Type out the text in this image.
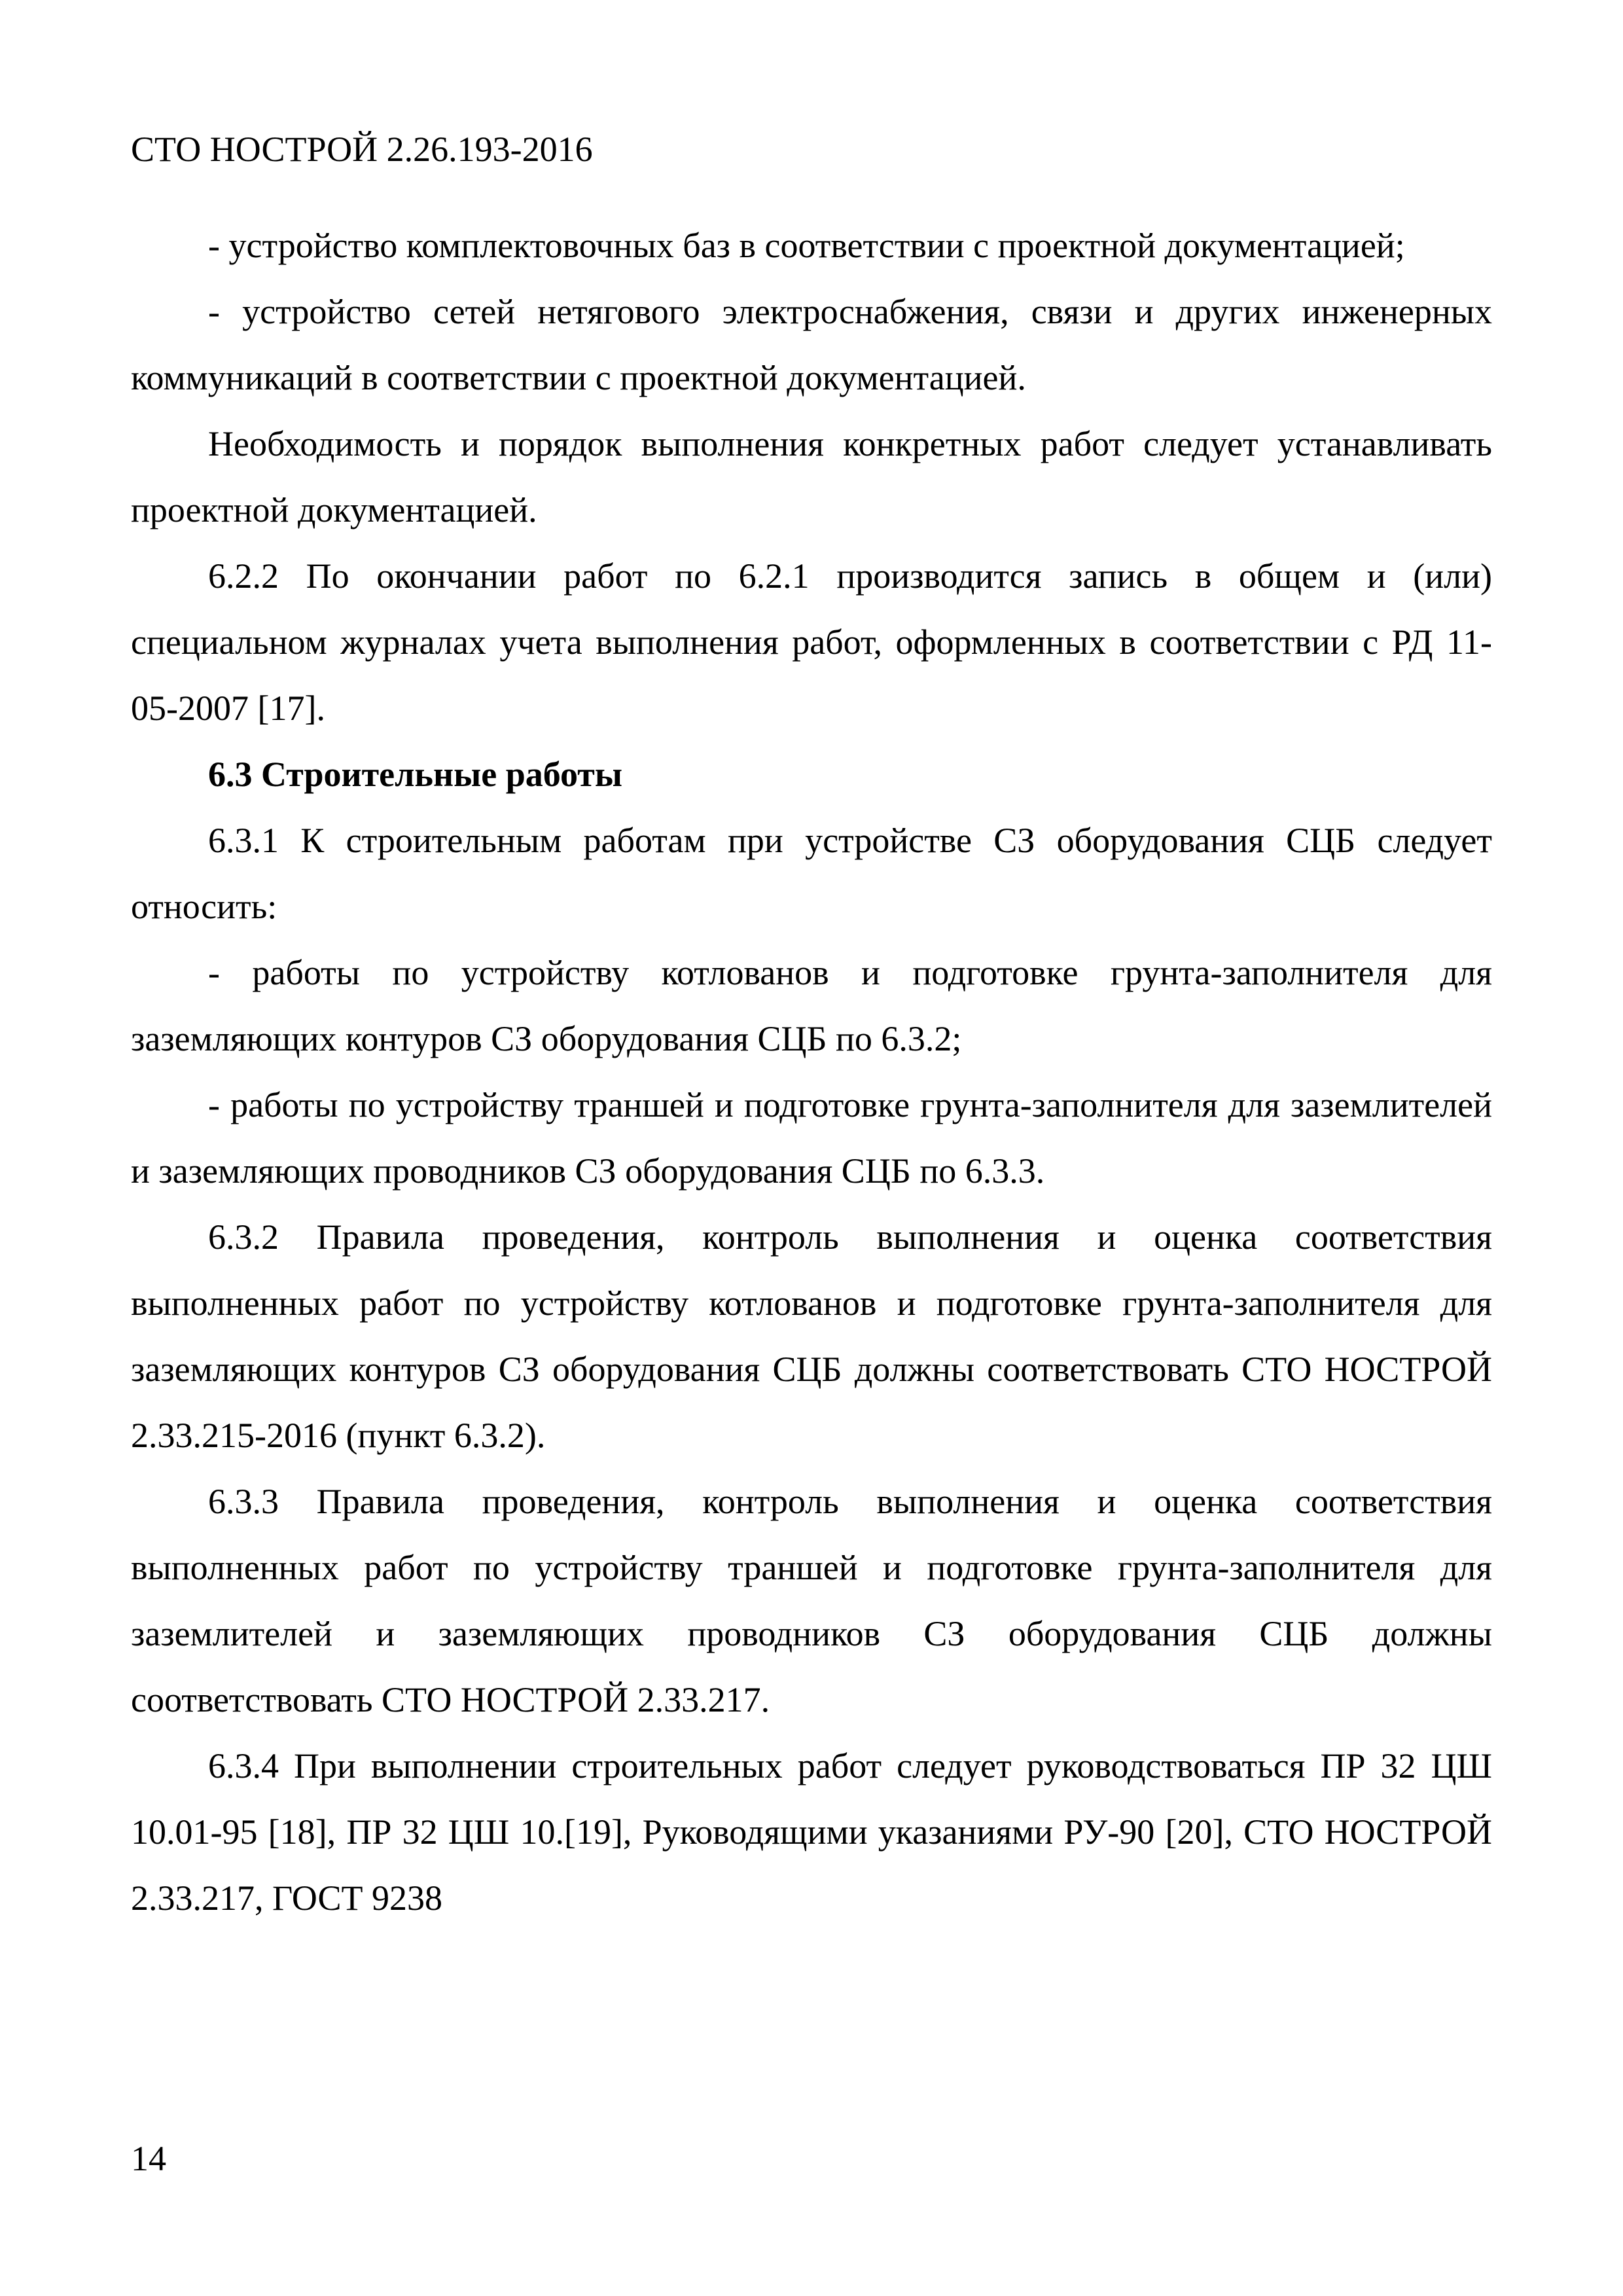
СТО НОСТРОЙ 2.26.193-2016

- устройство комплектовочных баз в соответствии с проектной документацией;

- устройство сетей нетягового электроснабжения, связи и других инженерных коммуникаций в соответствии с проектной документацией.

Необходимость и порядок выполнения конкретных работ следует устанавливать проектной документацией.

6.2.2 По окончании работ по 6.2.1 производится запись в общем и (или) специальном журналах учета выполнения работ, оформленных в соответствии с РД 11-05-2007 [17].

6.3 Строительные работы

6.3.1 К строительным работам при устройстве СЗ оборудования СЦБ следует относить:

- работы по устройству котлованов и подготовке грунта-заполнителя для заземляющих контуров СЗ оборудования СЦБ по 6.3.2;

- работы по устройству траншей и подготовке грунта-заполнителя для заземлителей и заземляющих проводников СЗ оборудования СЦБ по 6.3.3.

6.3.2 Правила проведения, контроль выполнения и оценка соответствия выполненных работ по устройству котлованов и подготовке грунта-заполнителя для заземляющих контуров СЗ оборудования СЦБ должны соответствовать СТО НОСТРОЙ 2.33.215-2016 (пункт 6.3.2).

6.3.3 Правила проведения, контроль выполнения и оценка соответствия выполненных работ по устройству траншей и подготовке грунта-заполнителя для заземлителей и заземляющих проводников СЗ оборудования СЦБ должны соответствовать СТО НОСТРОЙ 2.33.217.

6.3.4 При выполнении строительных работ следует руководствоваться ПР 32 ЦШ 10.01-95 [18], ПР 32 ЦШ 10.[19], Руководящими указаниями РУ-90 [20], СТО НОСТРОЙ 2.33.217, ГОСТ 9238

14
